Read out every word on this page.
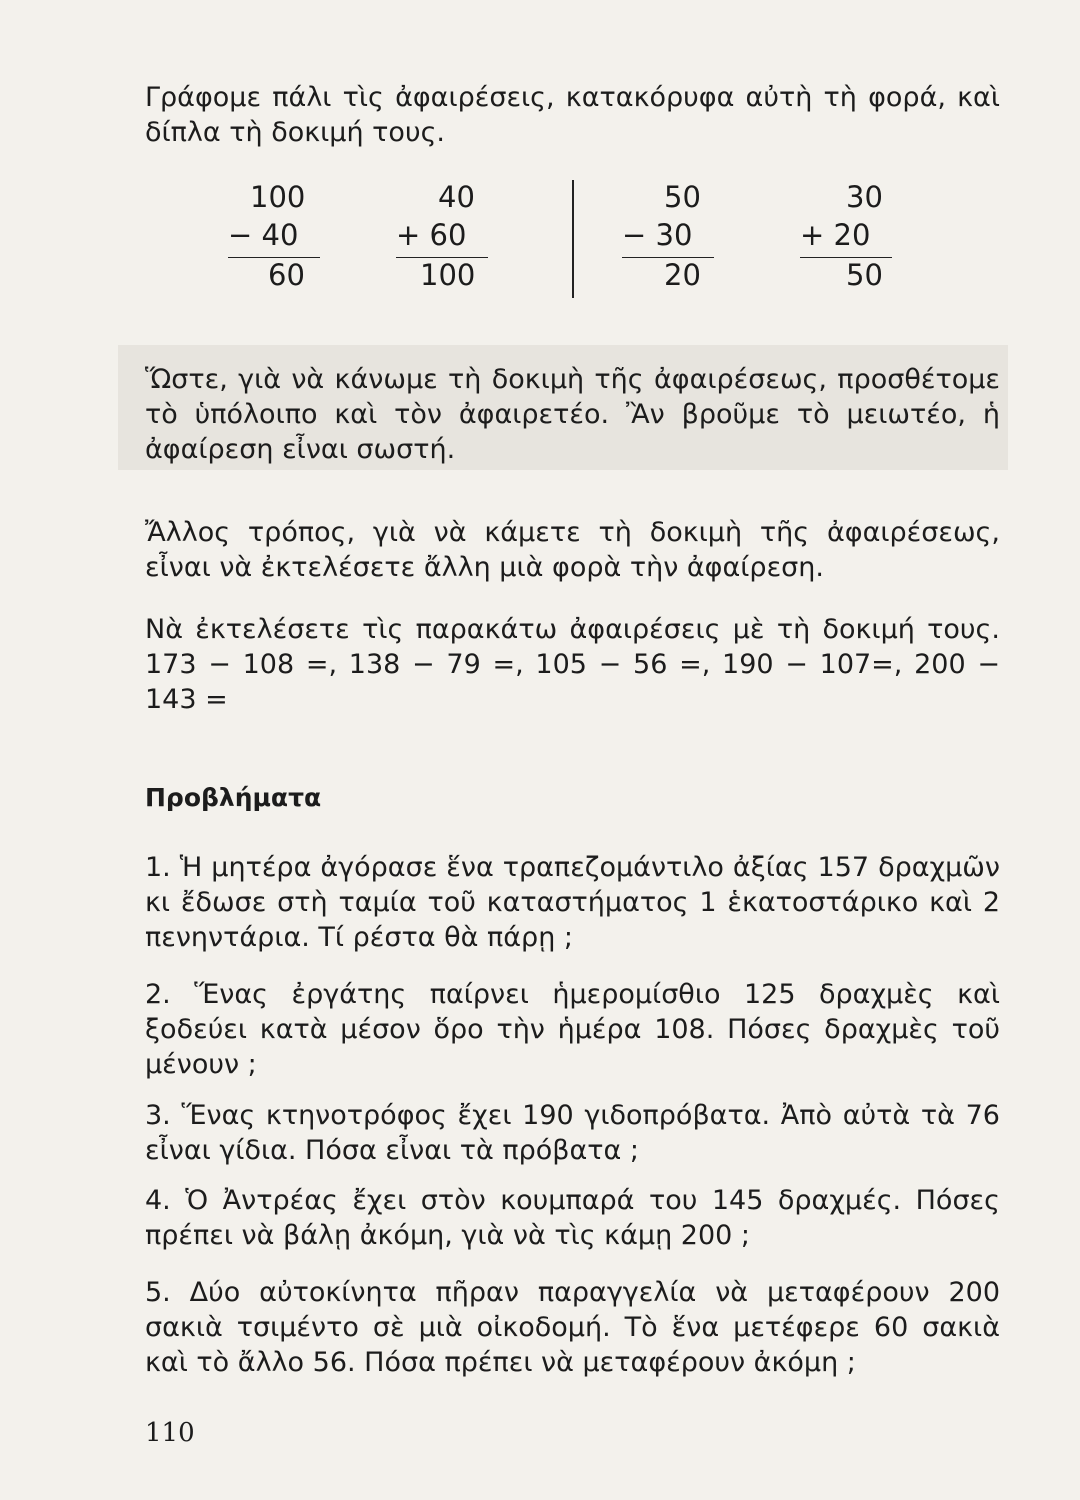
Γράφομε πάλι τὶς ἀφαιρέσεις, κατακόρυφα αὐτὴ τὴ φορά, καὶ δίπλα τὴ δοκιμή τους.
100
− 40
60
40
+ 60
100
50
− 30
20
30
+ 20
50
Ὥστε, γιὰ νὰ κάνωμε τὴ δοκιμὴ τῆς ἀφαιρέσεως, προσθέτομε τὸ ὑπόλοιπο καὶ τὸν ἀφαιρετέο. Ἂν βροῦμε τὸ μειωτέο, ἡ ἀφαίρεση εἶναι σωστή.
Ἄλλος τρόπος, γιὰ νὰ κάμετε τὴ δοκιμὴ τῆς ἀφαιρέσεως, εἶναι νὰ ἐκτελέσετε ἄλλη μιὰ φορὰ τὴν ἀφαίρεση.
Νὰ ἐκτελέσετε τὶς παρακάτω ἀφαιρέσεις μὲ τὴ δοκιμή τους. 173 − 108 =, 138 − 79 =, 105 − 56 =, 190 − 107=, 200 − 143 =
Προβλήματα
1. Ἡ μητέρα ἀγόρασε ἕνα τραπεζομάντιλο ἀξίας 157 δραχμῶν κι ἔδωσε στὴ ταμία τοῦ καταστήματος 1 ἑκατοστάρικο καὶ 2 πενηντάρια. Τί ρέστα θὰ πάρῃ ;
2. Ἕνας ἐργάτης παίρνει ἡμερομίσθιο 125 δραχμὲς καὶ ξοδεύει κατὰ μέσον ὅρο τὴν ἡμέρα 108. Πόσες δραχμὲς τοῦ μένουν ;
3. Ἕνας κτηνοτρόφος ἔχει 190 γιδοπρόβατα. Ἀπὸ αὐτὰ τὰ 76 εἶναι γίδια. Πόσα εἶναι τὰ πρόβατα ;
4. Ὁ Ἀντρέας ἔχει στὸν κουμπαρά του 145 δραχμές. Πόσες πρέπει νὰ βάλῃ ἀκόμη, γιὰ νὰ τὶς κάμῃ 200 ;
5. Δύο αὐτοκίνητα πῆραν παραγγελία νὰ μεταφέρουν 200 σακιὰ τσιμέντο σὲ μιὰ οἰκοδομή. Τὸ ἕνα μετέφερε 60 σακιὰ καὶ τὸ ἄλλο 56. Πόσα πρέπει νὰ μεταφέρουν ἀκόμη ;
110
